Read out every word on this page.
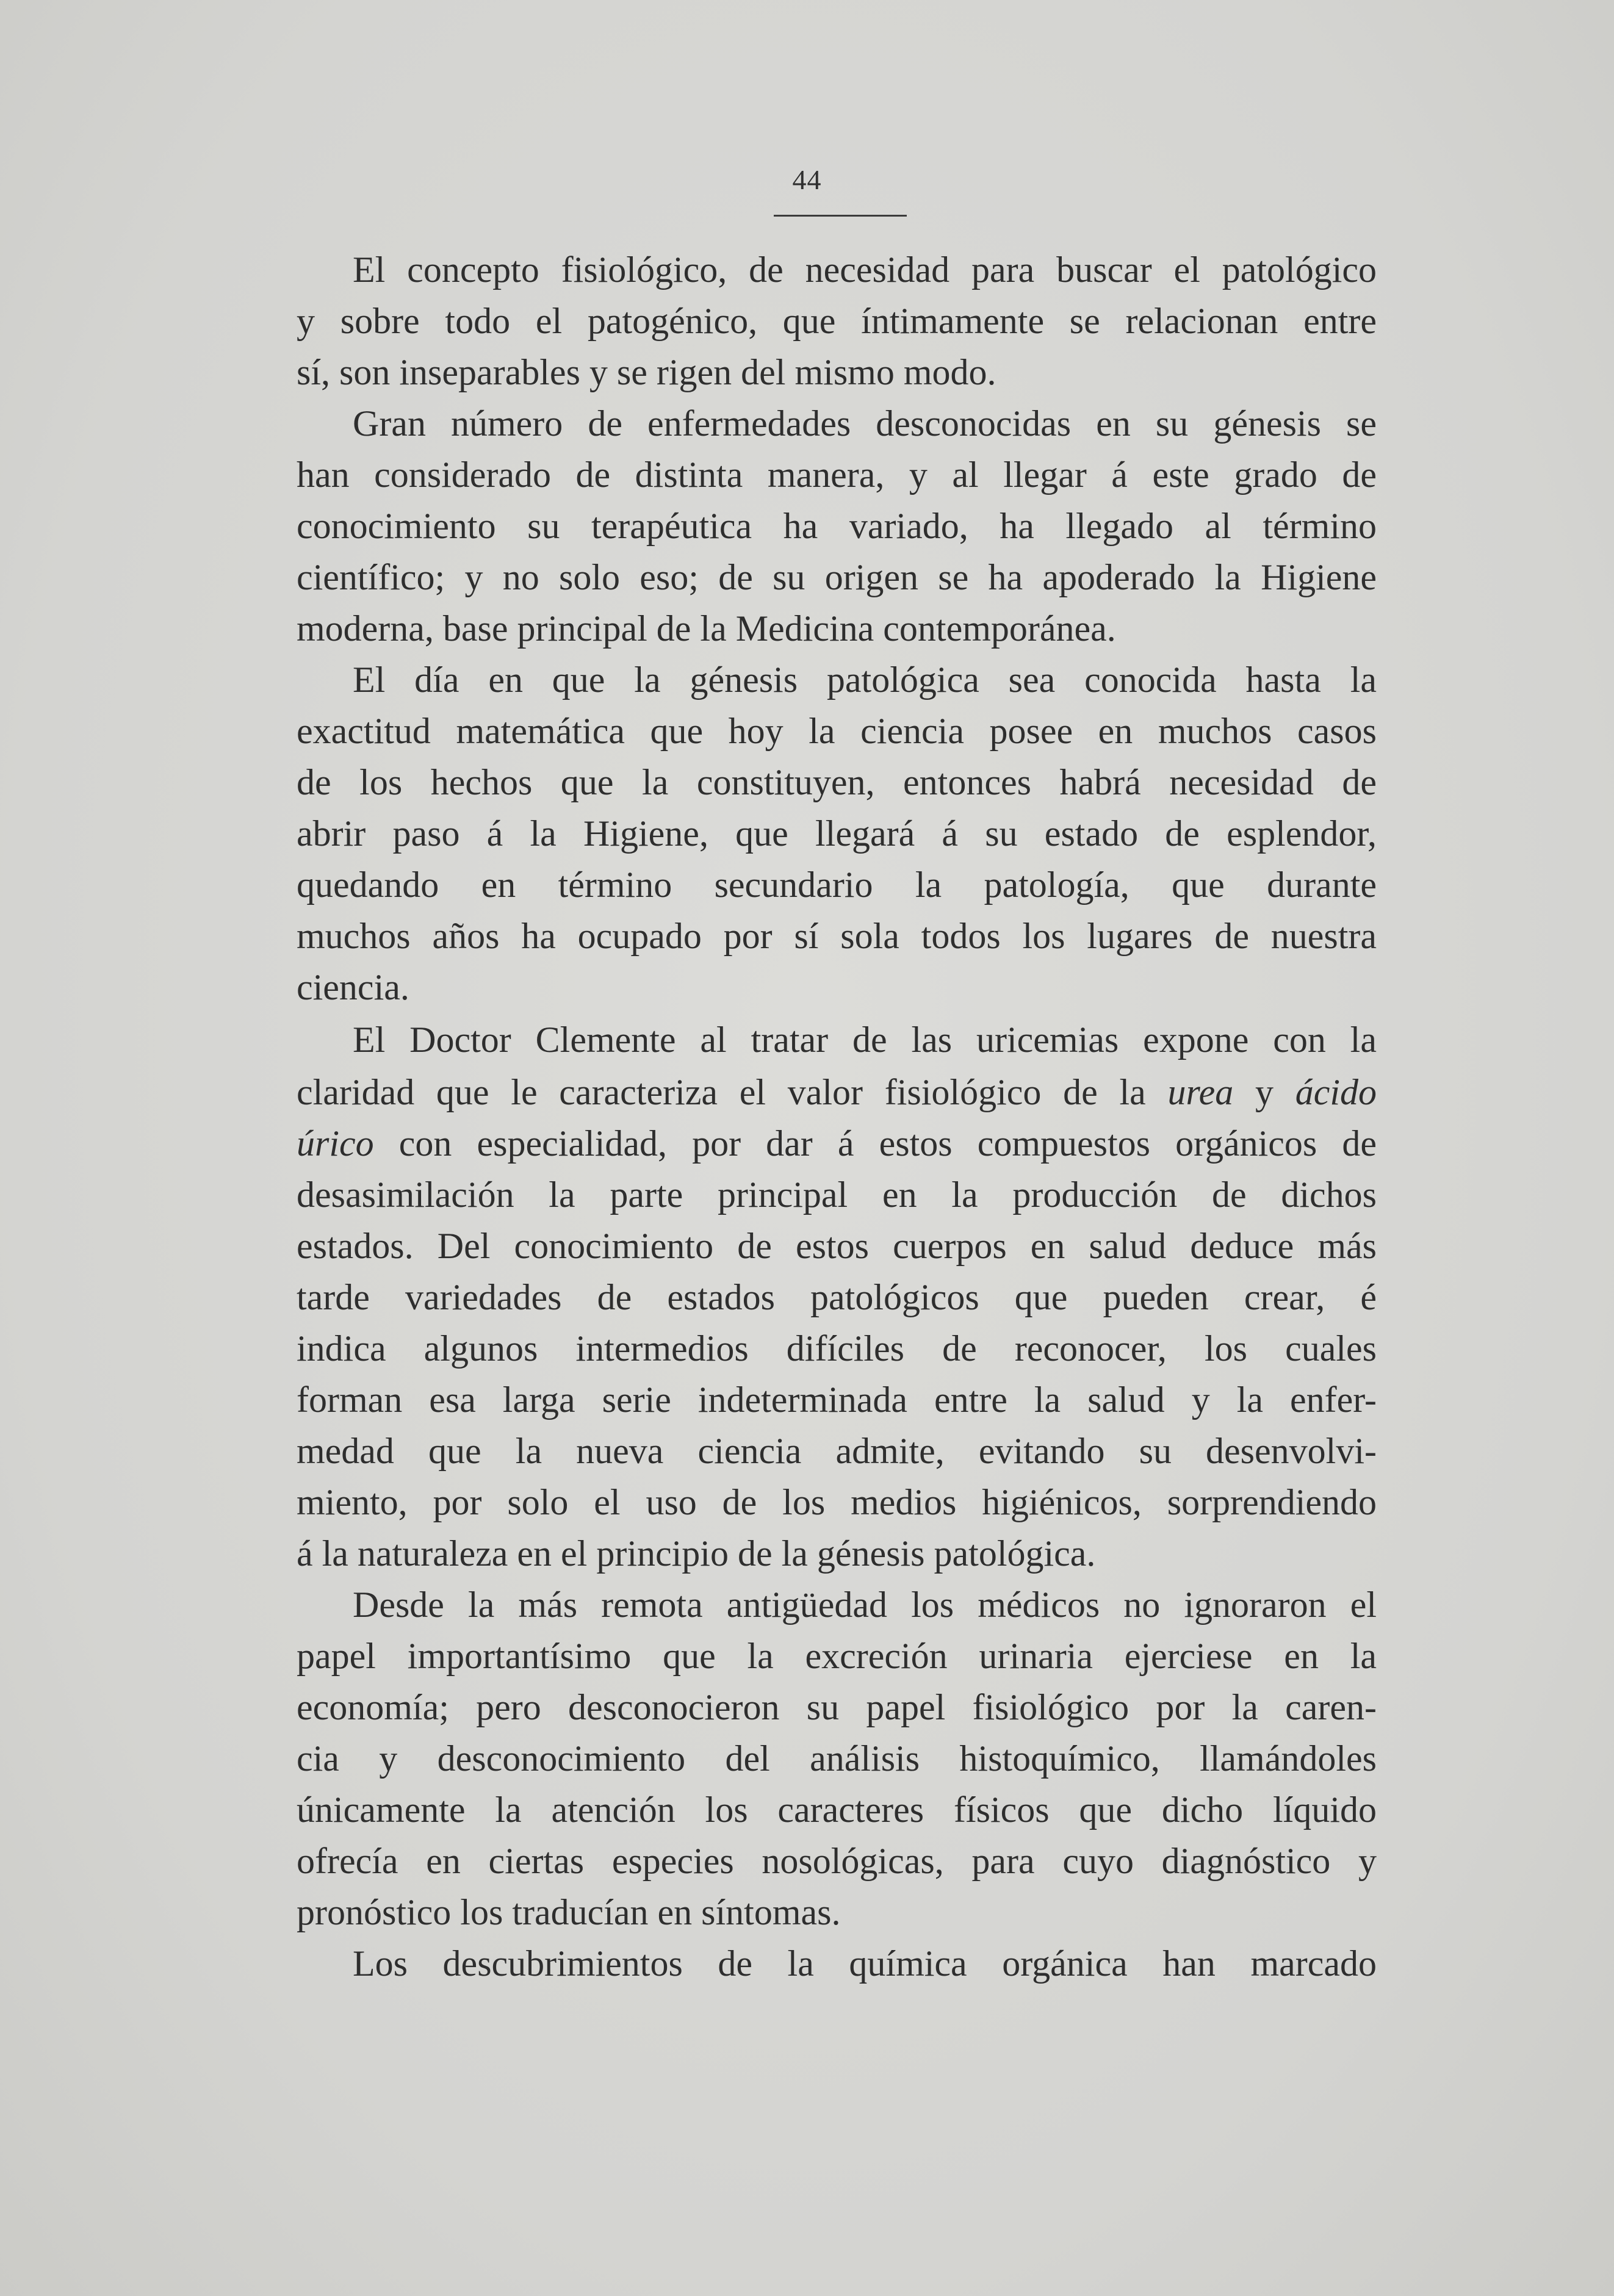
44
El concepto fisiológico, de necesidad para buscar el patológico
y sobre todo el patogénico, que íntimamente se relacionan entre
sí, son inseparables y se rigen del mismo modo.
Gran número de enfermedades desconocidas en su génesis se
han considerado de distinta manera, y al llegar á este grado de
conocimiento su terapéutica ha variado, ha llegado al término
científico; y no solo eso; de su origen se ha apoderado la Higiene
moderna, base principal de la Medicina contemporánea.
El día en que la génesis patológica sea conocida hasta la
exactitud matemática que hoy la ciencia posee en muchos casos
de los hechos que la constituyen, entonces habrá necesidad de
abrir paso á la Higiene, que llegará á su estado de esplendor,
quedando en término secundario la patología, que durante
muchos años ha ocupado por sí sola todos los lugares de nuestra
ciencia.
El Doctor Clemente al tratar de las uricemias expone con la
claridad que le caracteriza el valor fisiológico de la urea y ácido
úrico con especialidad, por dar á estos compuestos orgánicos de
desasimilación la parte principal en la producción de dichos
estados. Del conocimiento de estos cuerpos en salud deduce más
tarde variedades de estados patológicos que pueden crear, é
indica algunos intermedios difíciles de reconocer, los cuales
forman esa larga serie indeterminada entre la salud y la enfer-
medad que la nueva ciencia admite, evitando su desenvolvi-
miento, por solo el uso de los medios higiénicos, sorprendiendo
á la naturaleza en el principio de la génesis patológica.
Desde la más remota antigüedad los médicos no ignoraron el
papel importantísimo que la excreción urinaria ejerciese en la
economía; pero desconocieron su papel fisiológico por la caren-
cia y desconocimiento del análisis histoquímico, llamándoles
únicamente la atención los caracteres físicos que dicho líquido
ofrecía en ciertas especies nosológicas, para cuyo diagnóstico y
pronóstico los traducían en síntomas.
Los descubrimientos de la química orgánica han marcado
